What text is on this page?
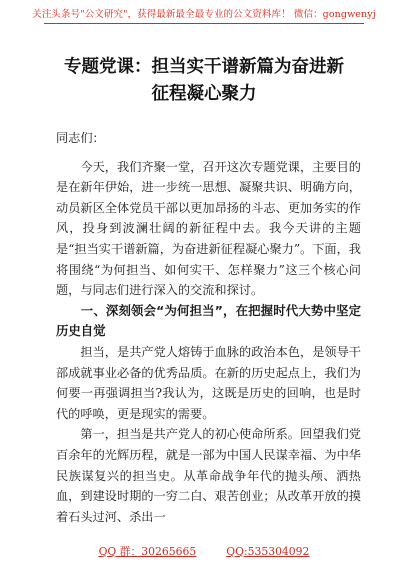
关注头条号"公文研究"，获得最新最全最专业的公文资料库！ 微信：gongwenyj
专题党课：担当实干谱新篇为奋进新征程凝心聚力

同志们：

今天，我们齐聚一堂，召开这次专题党课，主要目的是在新年伊始，进一步统一思想、凝聚共识、明确方向，动员新区全体党员干部以更加昂扬的斗志、更加务实的作风，投身到波澜壮阔的新征程中去。我今天讲的主题是“担当实干谱新篇，为奋进新征程凝心聚力”。下面，我将围绕“为何担当、如何实干、怎样聚力”这三个核心问题，与同志们进行深入的交流和探讨。

一、深刻领会“为何担当”，在把握时代大势中坚定历史自觉

担当，是共产党人熔铸于血脉的政治本色，是领导干部成就事业必备的优秀品质。在新的历史起点上，我们为何要一再强调担当?我认为，这既是历史的回响，也是时代的呼唤，更是现实的需要。

第一，担当是共产党人的初心使命所系。回望我们党百余年的光辉历程，就是一部为中国人民谋幸福、为中华民族谋复兴的担当史。从革命战争年代的抛头颅、洒热血，到建设时期的一穷二白、艰苦创业；从改革开放的摸着石头过河、杀出一

QQ 群：30265665	QQ:535304092
